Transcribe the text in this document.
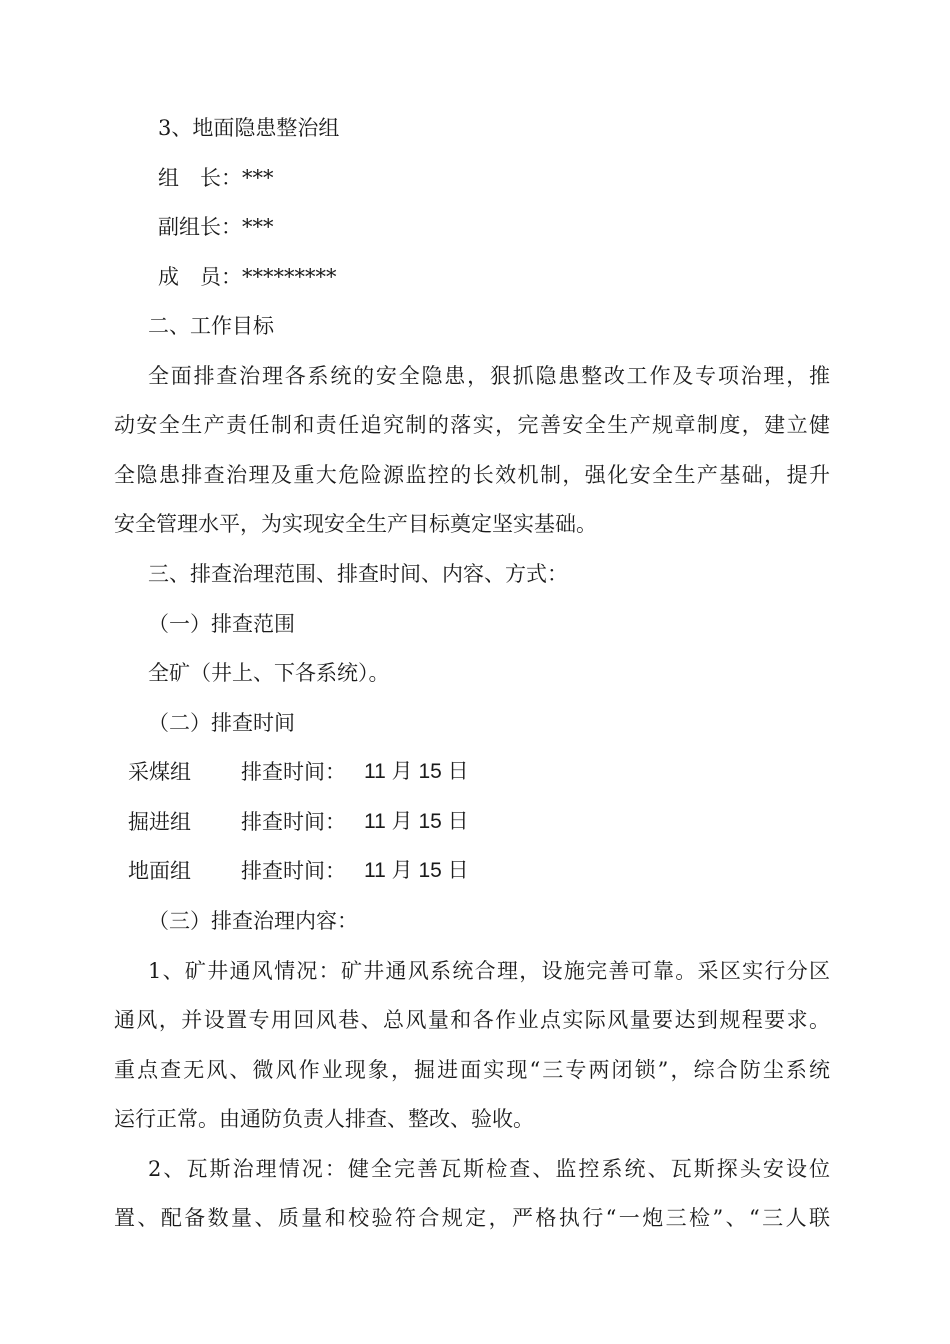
3、地面隐患整治组
组　长：***
副组长：***
成　员：*********
二、工作目标
全面排查治理各系统的安全隐患，狠抓隐患整改工作及专项治理，推
动安全生产责任制和责任追究制的落实，完善安全生产规章制度，建立健
全隐患排查治理及重大危险源监控的长效机制，强化安全生产基础，提升
安全管理水平，为实现安全生产目标奠定坚实基础。
三、排查治理范围、排查时间、内容、方式：
（一）排查范围
全矿（井上、下各系统）。
（二）排查时间
采煤组 排查时间： 11 月 15 日
掘进组 排查时间： 11 月 15 日
地面组 排查时间： 11 月 15 日
（三）排查治理内容：
1、矿井通风情况：矿井通风系统合理，设施完善可靠。采区实行分区
通风，并设置专用回风巷、总风量和各作业点实际风量要达到规程要求。
重点查无风、微风作业现象，掘进面实现“三专两闭锁”，综合防尘系统
运行正常。由通防负责人排查、整改、验收。
2、瓦斯治理情况：健全完善瓦斯检查、监控系统、瓦斯探头安设位
置、配备数量、质量和校验符合规定，严格执行“一炮三检”、“三人联
